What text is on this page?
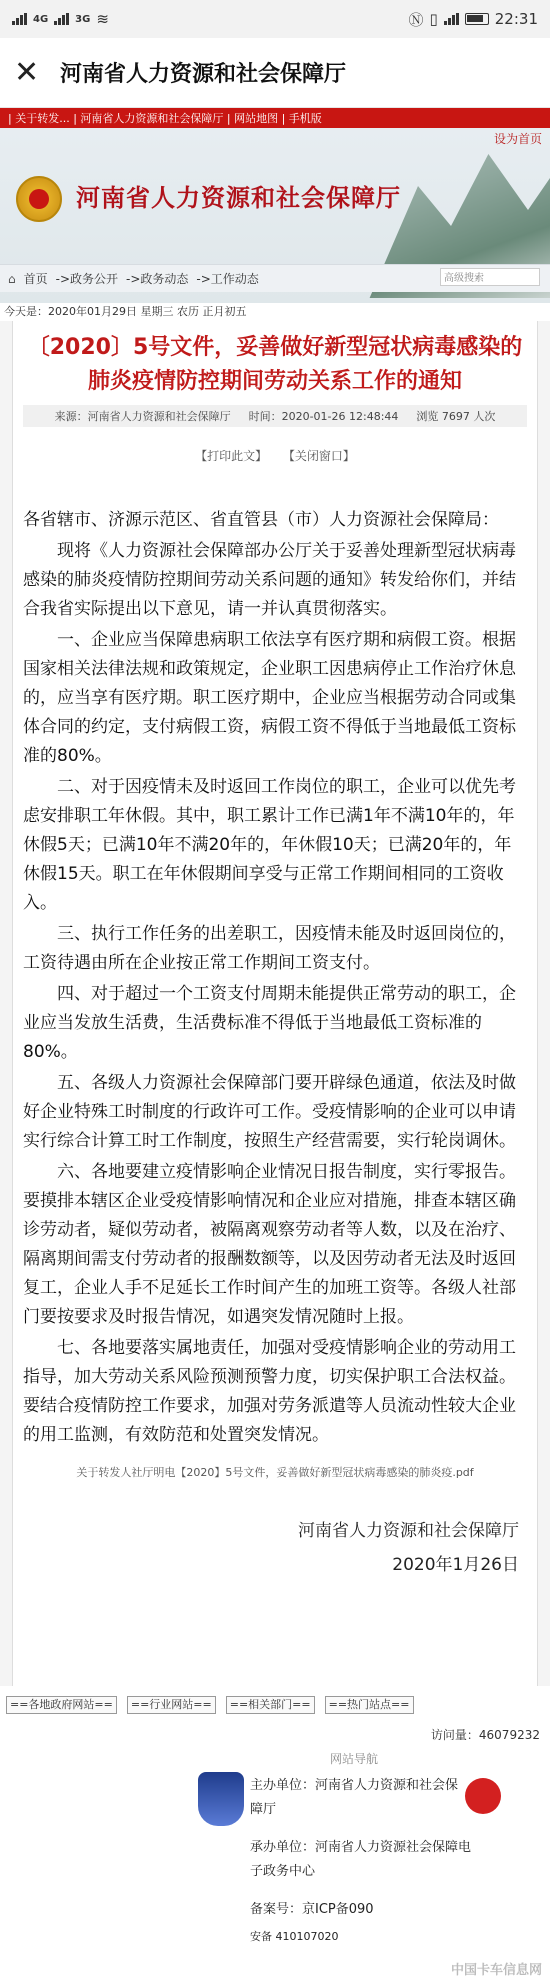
4G	3G ≋	Ⓝ ▯	22:31
✕ 河南省人力资源和社会保障厅
| 关于转发... | 河南省人力资源和社会保障厅 | 网站地图 | 手机版
设为首页
河南省人力资源和社会保障厅
⌂ 首页 ->政务公开 ->政务动态 ->工作动态	高级搜索
今天是：2020年01月29日 星期三 农历 正月初五
〔2020〕5号文件，妥善做好新型冠状病毒感染的肺炎疫情防控期间劳动关系工作的通知
来源：河南省人力资源和社会保障厅 时间：2020-01-26 12:48:44 浏览 7697 人次
【打印此文】 【关闭窗口】

各省辖市、济源示范区、省直管县（市）人力资源社会保障局：

现将《人力资源社会保障部办公厅关于妥善处理新型冠状病毒感染的肺炎疫情防控期间劳动关系问题的通知》转发给你们，并结合我省实际提出以下意见，请一并认真贯彻落实。

一、企业应当保障患病职工依法享有医疗期和病假工资。根据国家相关法律法规和政策规定，企业职工因患病停止工作治疗休息的，应当享有医疗期。职工医疗期中，企业应当根据劳动合同或集体合同的约定，支付病假工资，病假工资不得低于当地最低工资标准的80%。

二、对于因疫情未及时返回工作岗位的职工，企业可以优先考虑安排职工年休假。其中，职工累计工作已满1年不满10年的，年休假5天；已满10年不满20年的，年休假10天；已满20年的，年休假15天。职工在年休假期间享受与正常工作期间相同的工资收入。

三、执行工作任务的出差职工，因疫情未能及时返回岗位的，工资待遇由所在企业按正常工作期间工资支付。

四、对于超过一个工资支付周期未能提供正常劳动的职工，企业应当发放生活费，生活费标准不得低于当地最低工资标准的80%。

五、各级人力资源社会保障部门要开辟绿色通道，依法及时做好企业特殊工时制度的行政许可工作。受疫情影响的企业可以申请实行综合计算工时工作制度，按照生产经营需要，实行轮岗调休。

六、各地要建立疫情影响企业情况日报告制度，实行零报告。要摸排本辖区企业受疫情影响情况和企业应对措施，排查本辖区确诊劳动者，疑似劳动者，被隔离观察劳动者等人数，以及在治疗、隔离期间需支付劳动者的报酬数额等，以及因劳动者无法及时返回复工，企业人手不足延长工作时间产生的加班工资等。各级人社部门要按要求及时报告情况，如遇突发情况随时上报。

七、各地要落实属地责任，加强对受疫情影响企业的劳动用工指导，加大劳动关系风险预测预警力度，切实保护职工合法权益。要结合疫情防控工作要求，加强对劳务派遣等人员流动性较大企业的用工监测，有效防范和处置突发情况。

关于转发人社厅明电【2020】5号文件，妥善做好新型冠状病毒感染的肺炎疫.pdf
河南省人力资源和社会保障厅
2020年1月26日
==各地政府网站==	==行业网站==	==相关部门==	==热门站点==
访问量：46079232
网站导航
主办单位：河南省人力资源和社会保障厅
承办单位：河南省人力资源社会保障电子政务中心
备案号：京ICP备090
安备 410107020
中国卡车信息网
